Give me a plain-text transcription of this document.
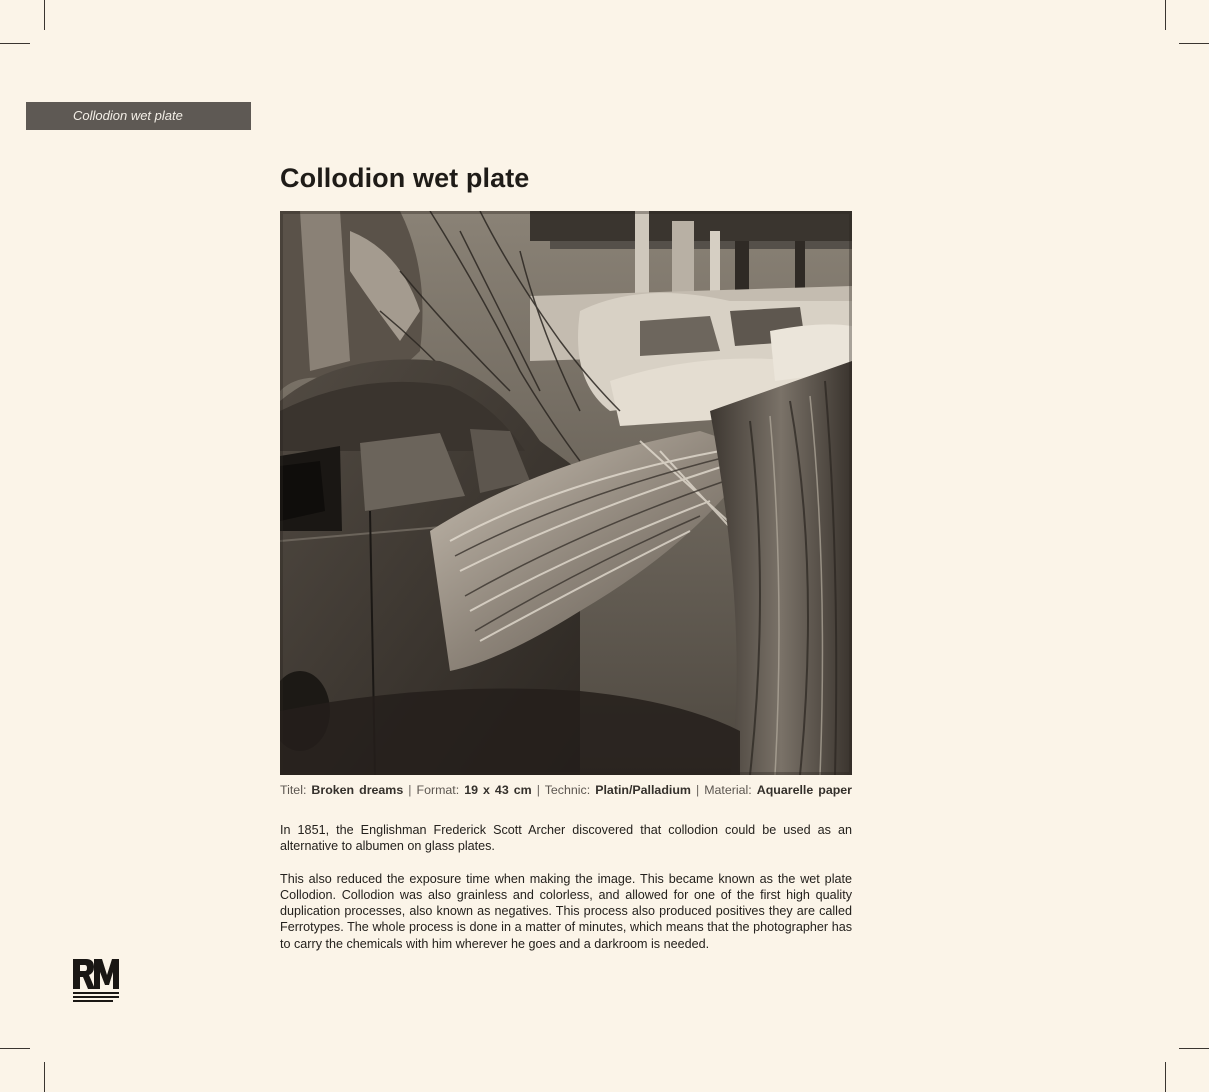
Collodion wet plate
Collodion wet plate
Titel: Broken dreams | Format: 19 x 43 cm | Technic: Platin/Palladium | Material: Aquarelle paper

In 1851, the Englishman Frederick Scott Archer discovered that collodion could be used as an alternative to albumen on glass plates.

This also reduced the exposure time when making the image. This became known as the wet plate Collodion. Collodion was also grainless and colorless, and allowed for one of the first high quality duplication processes, also known as negatives. This process also produced positives they are called Ferrotypes. The whole process is done in a matter of minutes, which means that the photographer has to carry the chemicals with him wherever he goes and a darkroom is needed.
